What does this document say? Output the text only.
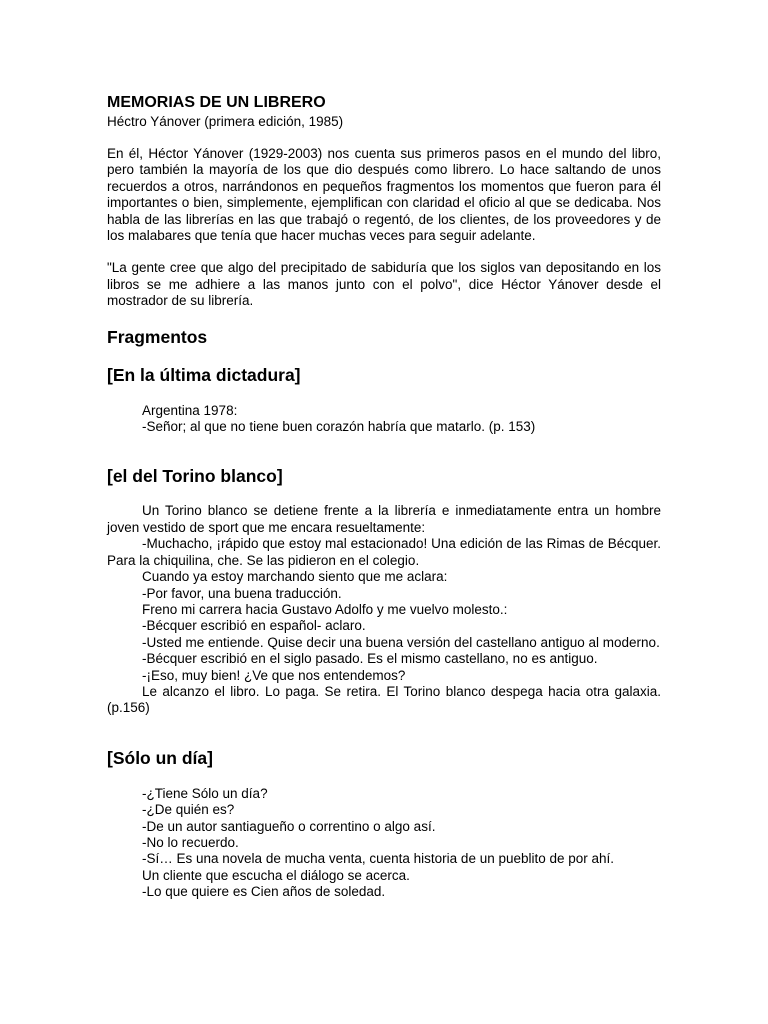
MEMORIAS DE UN LIBRERO

Héctro Yánover (primera edición, 1985)

En él, Héctor Yánover (1929-2003) nos cuenta sus primeros pasos en el mundo del libro, pero también la mayoría de los que dio después como librero. Lo hace saltando de unos recuerdos a otros, narrándonos en pequeños fragmentos los momentos que fueron para él importantes o bien, simplemente, ejemplifican con claridad el oficio al que se dedicaba. Nos habla de las librerías en las que trabajó o regentó, de los clientes, de los proveedores y de los malabares que tenía que hacer muchas veces para seguir adelante.

"La gente cree que algo del precipitado de sabiduría que los siglos van depositando en los libros se me adhiere a las manos junto con el polvo", dice Héctor Yánover desde el mostrador de su librería.

Fragmentos

[En la última dictadura]

Argentina 1978:

-Señor; al que no tiene buen corazón habría que matarlo. (p. 153)

[el del Torino blanco]

Un Torino blanco se detiene frente a la librería e inmediatamente entra un hombre joven vestido de sport que me encara resueltamente:

-Muchacho, ¡rápido que estoy mal estacionado! Una edición de las Rimas de Bécquer. Para la chiquilina, che. Se las pidieron en el colegio.

Cuando ya estoy marchando siento que me aclara:

-Por favor, una buena traducción.

Freno mi carrera hacia Gustavo Adolfo y me vuelvo molesto.:

-Bécquer escribió en español- aclaro.

-Usted me entiende. Quise decir una buena versión del castellano antiguo al moderno.

-Bécquer escribió en el siglo pasado. Es el mismo castellano, no es antiguo.

-¡Eso, muy bien! ¿Ve que nos entendemos?

Le alcanzo el libro. Lo paga. Se retira. El Torino blanco despega hacia otra galaxia. (p.156)

[Sólo un día]

-¿Tiene Sólo un día?

-¿De quién es?

-De un autor santiagueño o correntino o algo así.

-No lo recuerdo.

-Sí… Es una novela de mucha venta, cuenta historia de un pueblito de por ahí.

Un cliente que escucha el diálogo se acerca.

-Lo que quiere es Cien años de soledad.
